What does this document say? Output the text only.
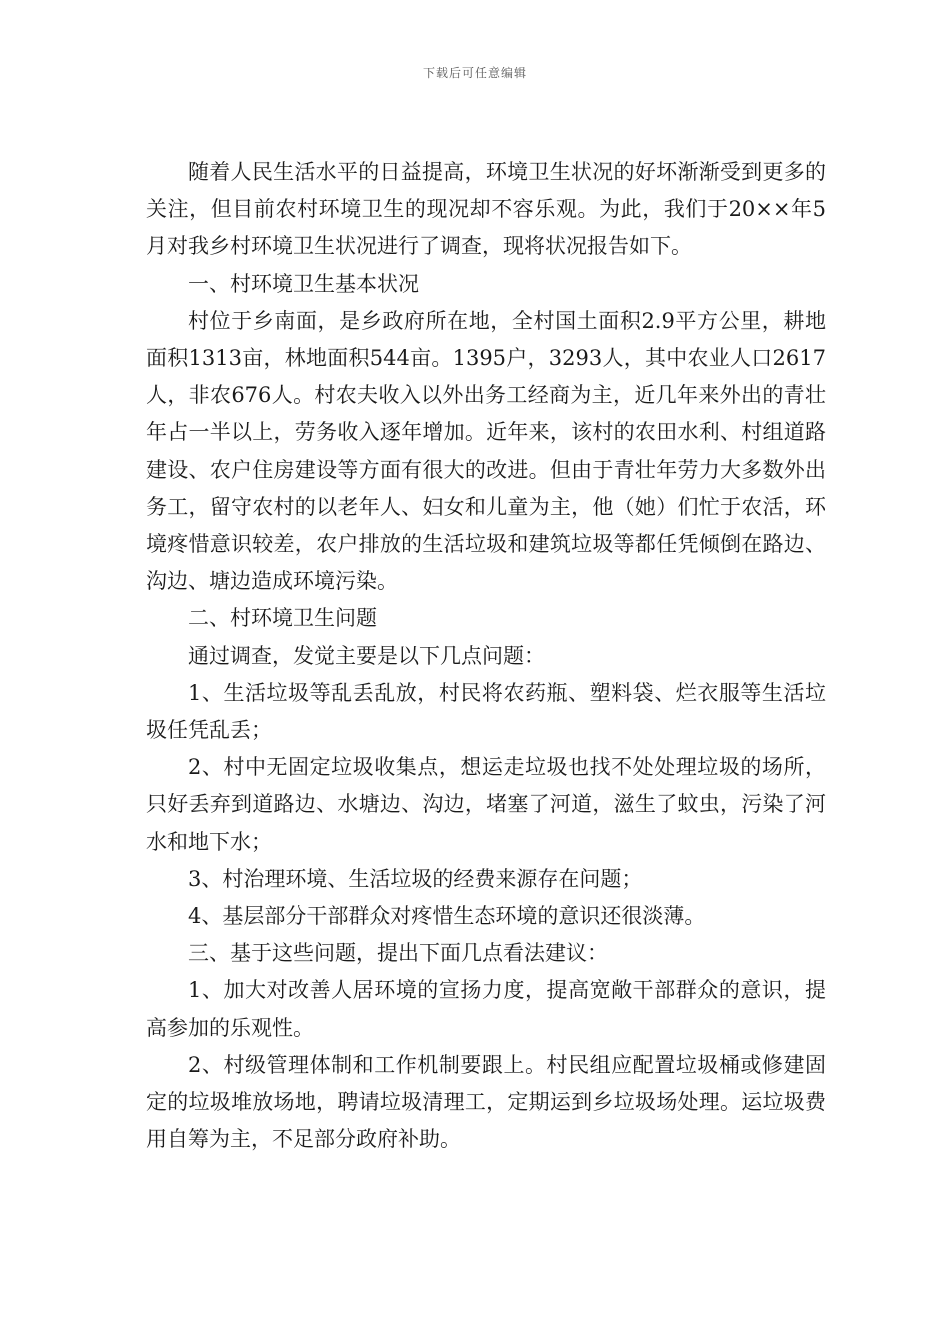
下载后可任意编辑

随着人民生活水平的日益提高，环境卫生状况的好坏渐渐受到更多的关注，但目前农村环境卫生的现况却不容乐观。为此，我们于20××年5月对我乡村环境卫生状况进行了调查，现将状况报告如下。

一、村环境卫生基本状况

村位于乡南面，是乡政府所在地，全村国土面积2.9平方公里，耕地面积1313亩，林地面积544亩。1395户，3293人，其中农业人口2617人，非农676人。村农夫收入以外出务工经商为主，近几年来外出的青壮年占一半以上，劳务收入逐年增加。近年来，该村的农田水利、村组道路建设、农户住房建设等方面有很大的改进。但由于青壮年劳力大多数外出务工，留守农村的以老年人、妇女和儿童为主，他（她）们忙于农活，环境疼惜意识较差，农户排放的生活垃圾和建筑垃圾等都任凭倾倒在路边、沟边、塘边造成环境污染。

二、村环境卫生问题

通过调查，发觉主要是以下几点问题：

1、生活垃圾等乱丢乱放，村民将农药瓶、塑料袋、烂衣服等生活垃圾任凭乱丢；

2、村中无固定垃圾收集点，想运走垃圾也找不处处理垃圾的场所，只好丢弃到道路边、水塘边、沟边，堵塞了河道，滋生了蚊虫，污染了河水和地下水；

3、村治理环境、生活垃圾的经费来源存在问题；

4、基层部分干部群众对疼惜生态环境的意识还很淡薄。

三、基于这些问题，提出下面几点看法建议：

1、加大对改善人居环境的宣扬力度，提高宽敞干部群众的意识，提高参加的乐观性。

2、村级管理体制和工作机制要跟上。村民组应配置垃圾桶或修建固定的垃圾堆放场地，聘请垃圾清理工，定期运到乡垃圾场处理。运垃圾费用自筹为主，不足部分政府补助。
